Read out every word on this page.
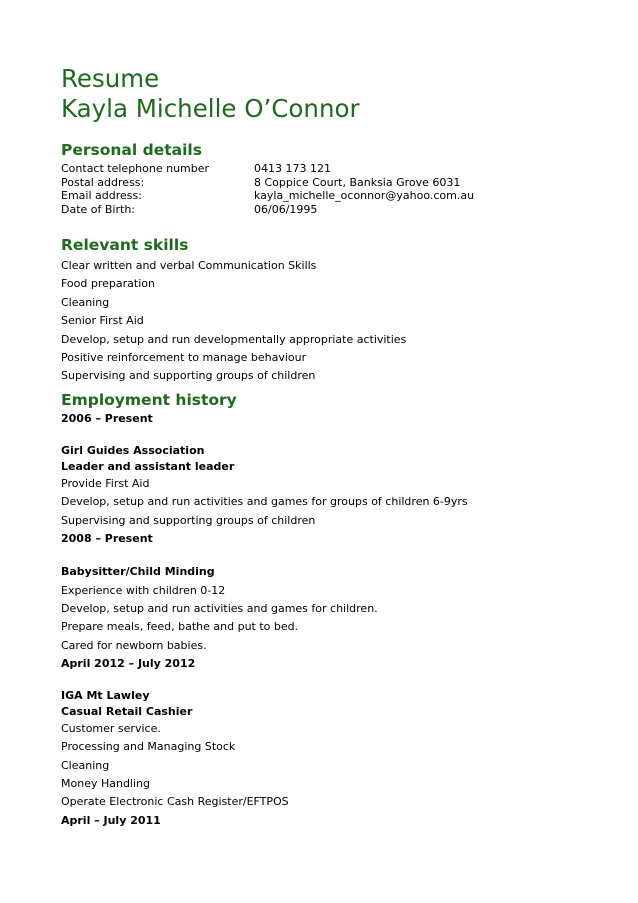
Resume
Kayla Michelle O’Connor
Personal details
Contact telephone number	0413 173 121
Postal address:	8 Coppice Court, Banksia Grove 6031
Email address:	kayla_michelle_oconnor@yahoo.com.au
Date of Birth:	06/06/1995
Relevant skills
Clear written and verbal Communication Skills
Food preparation
Cleaning
Senior First Aid
Develop, setup and run developmentally appropriate activities
Positive reinforcement to manage behaviour
Supervising and supporting groups of children
Employment history
2006 – Present
Girl Guides Association
Leader and assistant leader
Provide First Aid
Develop, setup and run activities and games for groups of children 6-9yrs
Supervising and supporting groups of children
2008 – Present
Babysitter/Child Minding
Experience with children 0-12
Develop, setup and run activities and games for children.
Prepare meals, feed, bathe and put to bed.
Cared for newborn babies.
April 2012 – July 2012
IGA Mt Lawley
Casual Retail Cashier
Customer service.
Processing and Managing Stock
Cleaning
Money Handling
Operate Electronic Cash Register/EFTPOS
April – July 2011
